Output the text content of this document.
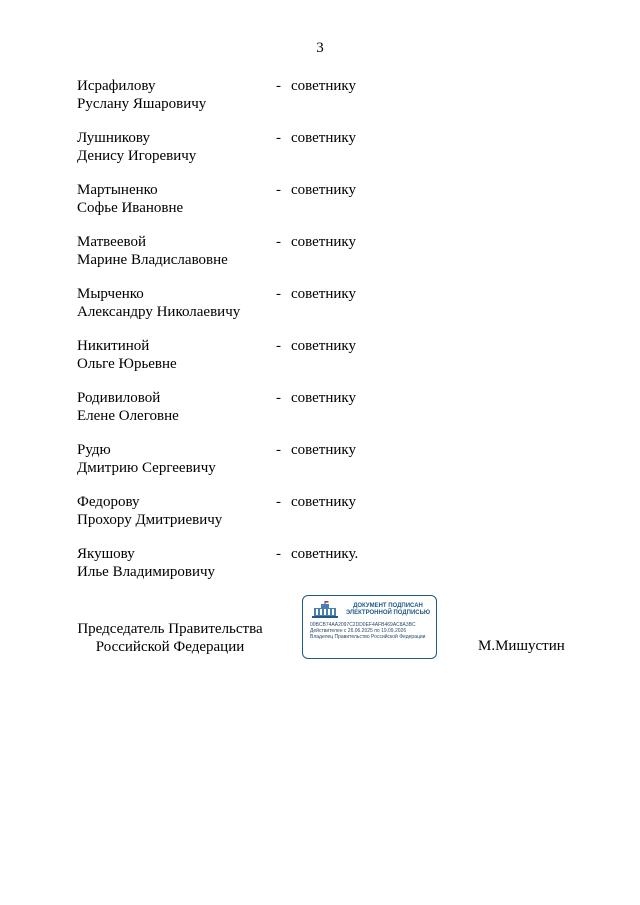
3
Исрафилову
Руслану Яшаровичу
- советнику
Лушникову
Денису Игоревичу
- советнику
Мартыненко
Софье Ивановне
- советнику
Матвеевой
Марине Владиславовне
- советнику
Мырченко
Александру Николаевичу
- советнику
Никитиной
Ольге Юрьевне
- советнику
Родивиловой
Елене Олеговне
- советнику
Рудю
Дмитрию Сергеевичу
- советнику
Федорову
Прохору Дмитриевичу
- советнику
Якушову
Илье Владимировичу
- советнику.
Председатель Правительства
Российской Федерации
ДОКУМЕНТ ПОДПИСАН
ЭЛЕКТРОННОЙ ПОДПИСЬЮ
00BCB74AA2097C2DD0EF4AFB469AC8A3BC
Действителен с 26.06.2025 по 19.09.2026
Владелец Правительство Российской Федерации
М.Мишустин
